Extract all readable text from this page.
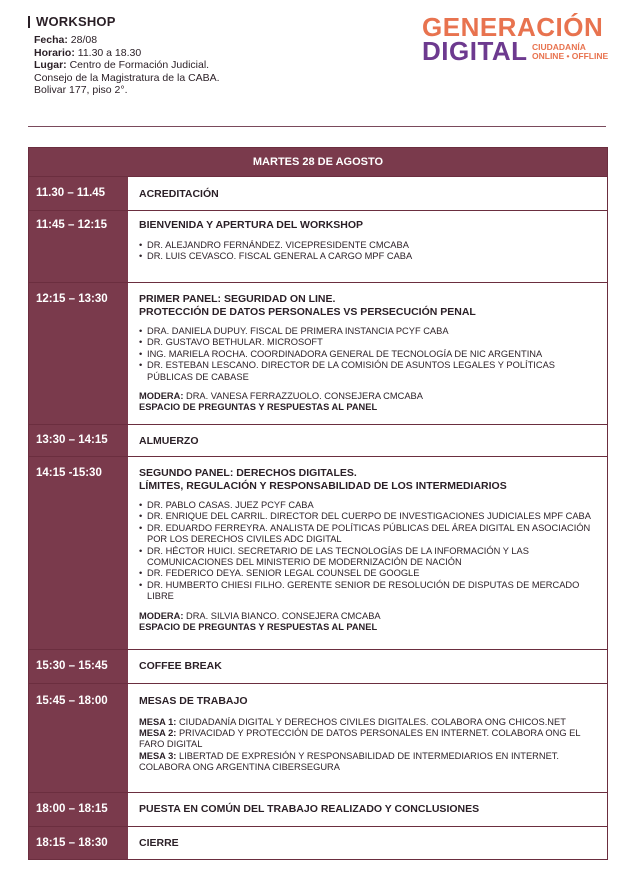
WORKSHOP
Fecha: 28/08
Horario: 11.30 a 18.30
Lugar: Centro de Formación Judicial.
Consejo de la Magistratura de la CABA.
Bolivar 177, piso 2°.
GENERACIÓN
DIGITAL CIUDADANÍA
ONLINE • OFFLINE
MARTES 28 DE AGOSTO
11.30 – 11.45	ACREDITACIÓN
11:45 – 12:15	BIENVENIDA Y APERTURA DEL WORKSHOP
• DR. ALEJANDRO FERNÁNDEZ. VICEPRESIDENTE CMCABA
• DR. LUIS CEVASCO. FISCAL GENERAL A CARGO MPF CABA
12:15 – 13:30	PRIMER PANEL: SEGURIDAD ON LINE.
PROTECCIÓN DE DATOS PERSONALES VS PERSECUCIÓN PENAL
• DRA. DANIELA DUPUY. FISCAL DE PRIMERA INSTANCIA PCYF CABA
• DR. GUSTAVO BETHULAR. MICROSOFT
• ING. MARIELA ROCHA. COORDINADORA GENERAL DE TECNOLOGÍA DE NIC ARGENTINA
• DR. ESTEBAN LESCANO. DIRECTOR DE LA COMISIÓN DE ASUNTOS LEGALES Y POLÍTICAS PÚBLICAS DE CABASE
MODERA: DRA. VANESA FERRAZZUOLO. CONSEJERA CMCABA
ESPACIO DE PREGUNTAS Y RESPUESTAS AL PANEL
13:30 – 14:15	ALMUERZO
14:15 -15:30	SEGUNDO PANEL: DERECHOS DIGITALES.
LÍMITES, REGULACIÓN Y RESPONSABILIDAD DE LOS INTERMEDIARIOS
• DR. PABLO CASAS. JUEZ PCYF CABA
• DR. ENRIQUE DEL CARRIL. DIRECTOR DEL CUERPO DE INVESTIGACIONES JUDICIALES MPF CABA
• DR. EDUARDO FERREYRA. ANALISTA DE POLÍTICAS PÚBLICAS DEL ÁREA DIGITAL EN ASOCIACIÓN POR LOS DERECHOS CIVILES ADC DIGITAL
• DR. HÉCTOR HUICI. SECRETARIO DE LAS TECNOLOGÍAS DE LA INFORMACIÓN Y LAS COMUNICACIONES DEL MINISTERIO DE MODERNIZACIÓN DE NACIÓN
• DR. FEDERICO DEYA. SENIOR LEGAL COUNSEL DE GOOGLE
• DR. HUMBERTO CHIESI FILHO. GERENTE SENIOR DE RESOLUCIÓN DE DISPUTAS DE MERCADO LIBRE
MODERA: DRA. SILVIA BIANCO. CONSEJERA CMCABA
ESPACIO DE PREGUNTAS Y RESPUESTAS AL PANEL
15:30 – 15:45	COFFEE BREAK
15:45 – 18:00	MESAS DE TRABAJO
MESA 1: CIUDADANÍA DIGITAL Y DERECHOS CIVILES DIGITALES. COLABORA ONG CHICOS.NET
MESA 2: PRIVACIDAD Y PROTECCIÓN DE DATOS PERSONALES EN INTERNET. COLABORA ONG EL FARO DIGITAL
MESA 3: LIBERTAD DE EXPRESIÓN Y RESPONSABILIDAD DE INTERMEDIARIOS EN INTERNET. COLABORA ONG ARGENTINA CIBERSEGURA
18:00 – 18:15	PUESTA EN COMÚN DEL TRABAJO REALIZADO Y CONCLUSIONES
18:15 – 18:30	CIERRE
